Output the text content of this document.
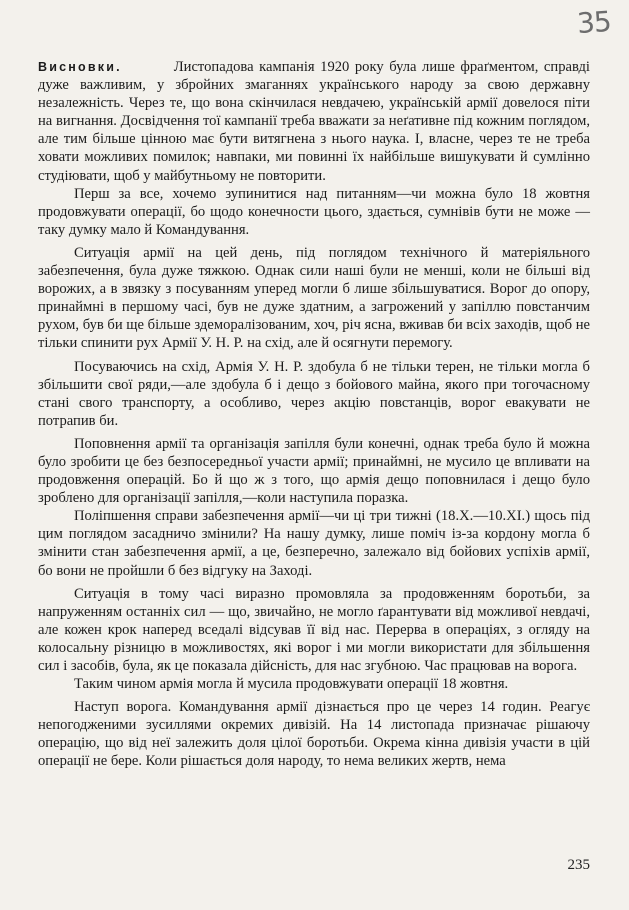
35

Висновки.	Листопадова кампанія 1920 року була лише фраґментом, справді дуже важливим, у збройних змаганнях українського народу за свою державну незалежність. Через те, що вона скінчилася невдачею, українській армії довелося піти на вигнання. Досвідчення тої кампанії треба вважати за неґативне під кожним поглядом, але тим більше цінною має бути витягнена з нього наука. І, власне, через те не треба ховати можливих помилок; навпаки, ми повинні їх найбільше вишукувати й сумлінно студіювати, щоб у майбутньому не повторити.

Перш за все, хочемо зупинитися над питанням—чи можна було 18 жовтня продовжувати операції, бо щодо конечности цього, здається, сумнівів бути не може — таку думку мало й Командування.

Ситуація армії на цей день, під поглядом технічного й матеріяльного забезпечення, була дуже тяжкою. Однак сили наші були не менші, коли не більші від ворожих, а в звязку з посуванням уперед могли б лише збільшуватися. Ворог до опору, принаймні в першому часі, був не дуже здатним, а загрожений у запіллю повстанчим рухом, був би ще більше здеморалізованим, хоч, річ ясна, вживав би всіх заходів, щоб не тільки спинити рух Армії У. Н. Р. на схід, але й осягнути перемогу.

Посуваючись на схід, Армія У. Н. Р. здобула б не тільки терен, не тільки могла б збільшити свої ряди,—але здобула б і дещо з бойового майна, якого при тогочасному стані свого транспорту, а особливо, через акцію повстанців, ворог евакувати не потрапив би.

Поповнення армії та організація запілля були конечні, однак треба було й можна було зробити це без безпосередньої участи армії; принаймні, не мусило це впливати на продовження операцій. Бо й що ж з того, що армія дещо поповнилася і дещо було зроблено для організації запілля,—коли наступила поразка.

Поліпшення справи забезпечення армії—чи ці три тижні (18.X.—10.XI.) щось під цим поглядом засадничо змінили? На нашу думку, лише поміч із-за кордону могла б змінити стан забезпечення армії, а це, безперечно, залежало від бойових успіхів армії, бо вони не пройшли б без відгуку на Заході.

Ситуація в тому часі виразно промовляла за продовженням боротьби, за напруженням останніх сил — що, звичайно, не могло ґарантувати від можливої невдачі, але кожен крок наперед вседалі відсував її від нас. Перерва в операціях, з огляду на колосальну різницю в можливостях, які ворог і ми могли використати для збільшення сил і засобів, була, як це показала дійсність, для нас згубною. Час працював на ворога.

Таким чином армія могла й мусила продовжувати операції 18 жовтня.

Наступ ворога. Командування армії дізнається про це через 14 годин. Реагує непогодженими зусиллями окремих дивізій. На 14 листопада призначає рішаючу операцію, що від неї залежить доля цілої боротьби. Окрема кінна дивізія участи в цій операції не бере. Коли рішається доля народу, то нема великих жертв, нема

235
